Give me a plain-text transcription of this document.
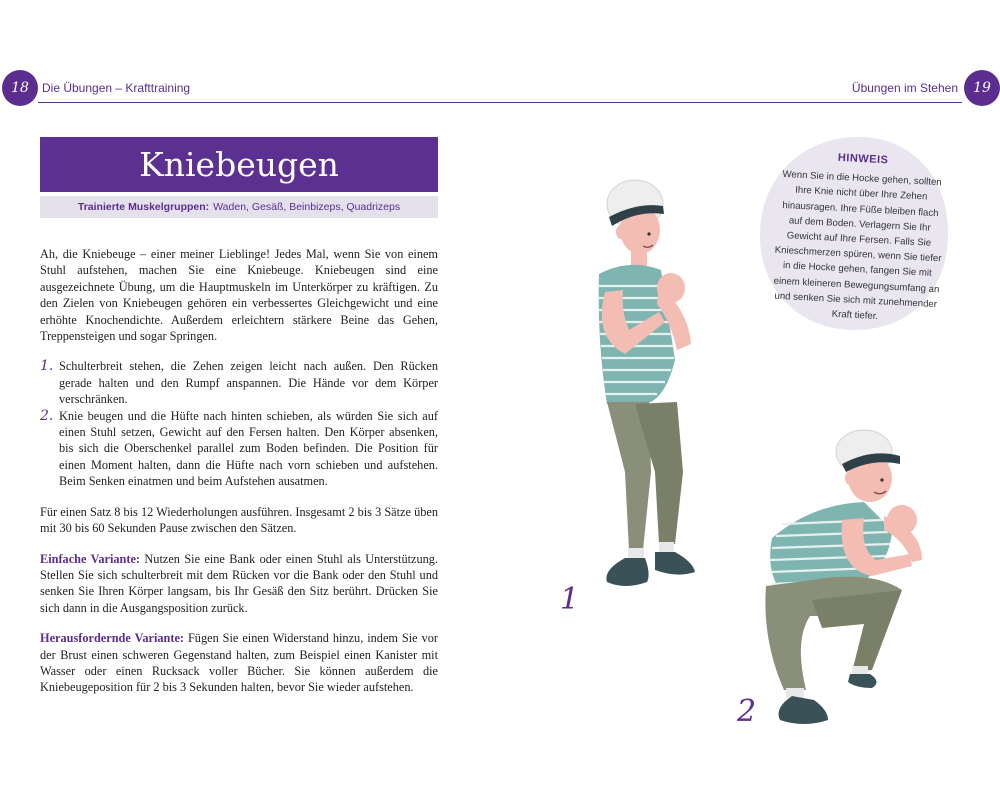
18	Die Übungen – Krafttraining	Übungen im Stehen	19
Kniebeugen
Trainierte Muskelgruppen: Waden, Gesäß, Beinbizeps, Quadrizeps

Ah, die Kniebeuge – einer meiner Lieblinge! Jedes Mal, wenn Sie von einem Stuhl aufstehen, machen Sie eine Kniebeuge. Kniebeugen sind eine ausgezeichnete Übung, um die Hauptmuskeln im Unterkörper zu kräftigen. Zu den Zielen von Kniebeugen gehören ein verbessertes Gleichgewicht und eine erhöhte Knochendichte. Außerdem erleichtern stärkere Beine das Gehen, Treppensteigen und sogar Springen.

1. Schulterbreit stehen, die Zehen zeigen leicht nach außen. Den Rücken gerade halten und den Rumpf anspannen. Die Hände vor dem Körper verschränken.
2. Knie beugen und die Hüfte nach hinten schieben, als würden Sie sich auf einen Stuhl setzen, Gewicht auf den Fersen halten. Den Körper absenken, bis sich die Oberschenkel parallel zum Boden befinden. Die Position für einen Moment halten, dann die Hüfte nach vorn schieben und aufstehen. Beim Senken einatmen und beim Aufstehen ausatmen.

Für einen Satz 8 bis 12 Wiederholungen ausführen. Insgesamt 2 bis 3 Sätze üben mit 30 bis 60 Sekunden Pause zwischen den Sätzen.

Einfache Variante: Nutzen Sie eine Bank oder einen Stuhl als Unterstützung. Stellen Sie sich schulterbreit mit dem Rücken vor die Bank oder den Stuhl und senken Sie Ihren Körper langsam, bis Ihr Gesäß den Sitz berührt. Drücken Sie sich dann in die Ausgangsposition zurück.

Herausfordernde Variante: Fügen Sie einen Widerstand hinzu, indem Sie vor der Brust einen schweren Gegenstand halten, zum Beispiel einen Kanister mit Wasser oder einen Rucksack voller Bücher. Sie können außerdem die Kniebeugeposition für 2 bis 3 Sekunden halten, bevor Sie wieder aufstehen.

HINWEIS
Wenn Sie in die Hocke gehen, sollten Ihre Knie nicht über Ihre Zehen hinausragen. Ihre Füße bleiben flach auf dem Boden. Verlagern Sie Ihr Gewicht auf Ihre Fersen. Falls Sie Knieschmerzen spüren, wenn Sie tiefer in die Hocke gehen, fangen Sie mit einem kleineren Bewegungsumfang an und senken Sie sich mit zunehmender Kraft tiefer.
1
2
